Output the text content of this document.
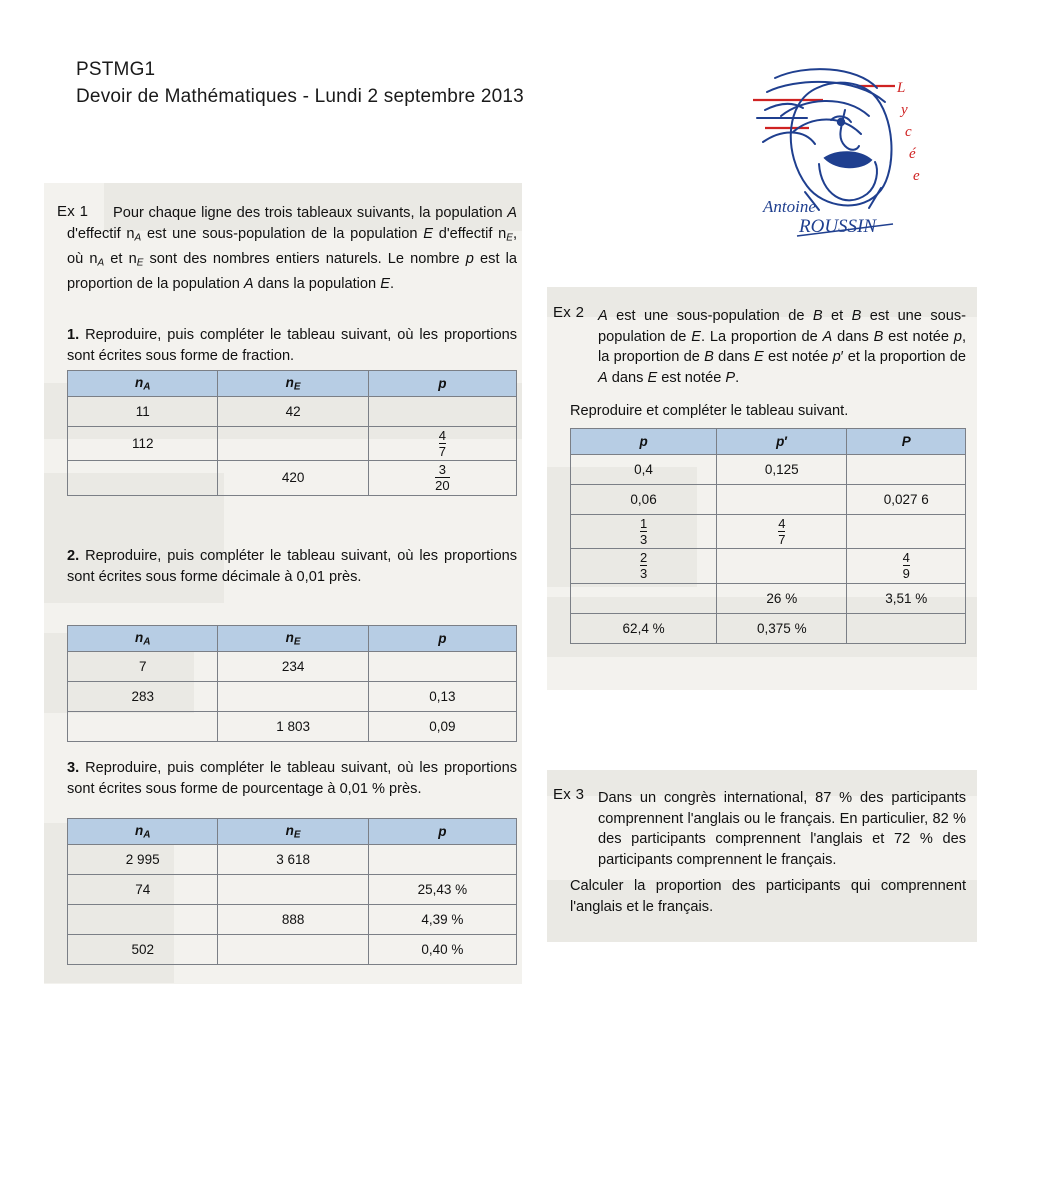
PSTMG1
Devoir de Mathématiques - Lundi 2 septembre 2013	L
y
c
é
e
Antoine
ROUSSIN
Ex 1
Ex 2
Ex 3
Pour chaque ligne des trois tableaux suivants, la population A d'effectif $n_A$ est une sous-population de la population E d'effectif $n_E$, où $n_A$ et $n_E$ sont des nombres entiers naturels. Le nombre p est la proportion de la population A dans la population E.
1. Reproduire, puis compléter le tableau suivant, où les proportions sont écrites sous forme de fraction.
$n_A$	$n_E$	p
11	42	
112		$\frac{4}{7}$

	420	$\frac{3}{20}$
2. Reproduire, puis compléter le tableau suivant, où les proportions sont écrites sous forme décimale à 0,01 près.
$n_A$	$n_E$	p
7	234	
283		0,13
	1 803	0,09
3. Reproduire, puis compléter le tableau suivant, où les proportions sont écrites sous forme de pourcentage à 0,01 % près.
$n_A$	$n_E$	p
2 995	3 618	
74		25,43 %
	888	4,39 %
502		0,40 %
A est une sous-population de B et B est une sous-population de E. La proportion de A dans B est notée p, la proportion de B dans E est notée p′ et la proportion de A dans E est notée P.
Reproduire et compléter le tableau suivant.
p	p′	P
0,4	0,125	
0,06		0,027 6

$\frac{1}{3}$	$\frac{4}{7}$

$\frac{2}{3}$		$\frac{4}{9}$

	26 %	3,51 %
62,4 %	0,375 %	
Dans un congrès international, 87 % des participants comprennent l'anglais ou le français. En particulier, 82 % des participants comprennent l'anglais et 72 % des participants comprennent le français.
Calculer la proportion des participants qui comprennent l'anglais et le français.
